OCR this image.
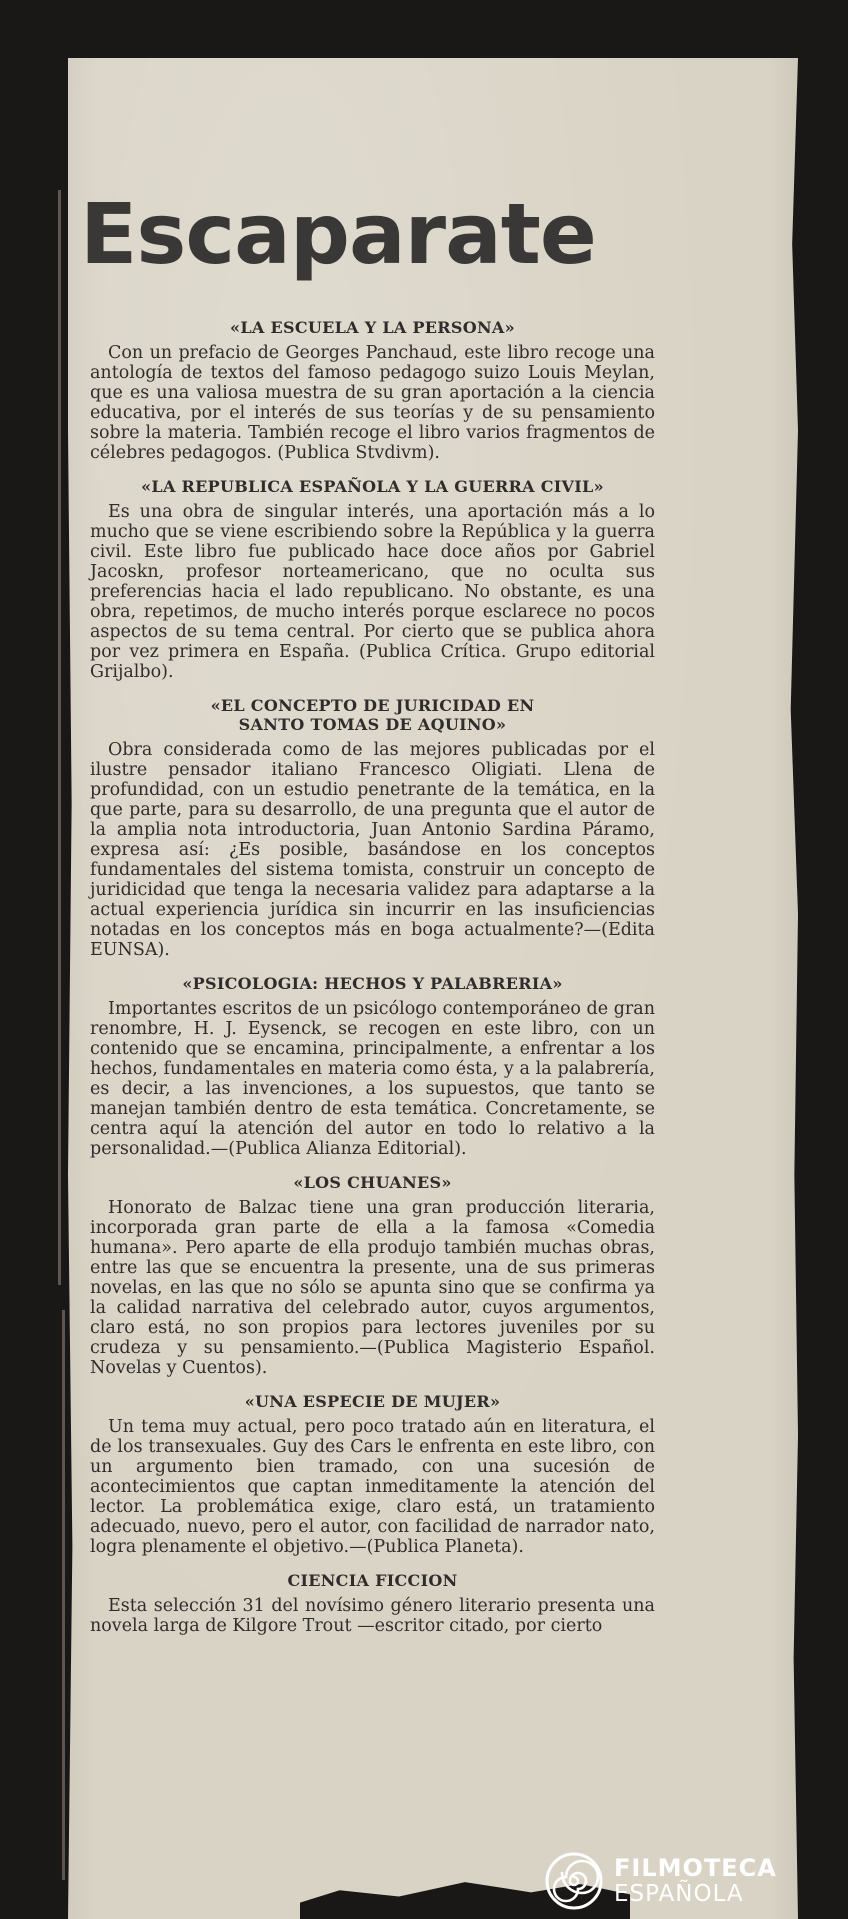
Escaparate
«LA ESCUELA Y LA PERSONA»

Con un prefacio de Georges Panchaud, este libro recoge una antología de textos del famoso pedagogo suizo Louis Meylan, que es una valiosa muestra de su gran aportación a la ciencia educativa, por el interés de sus teorías y de su pensamiento sobre la materia. También recoge el libro varios fragmentos de célebres pedagogos. (Publica Stvdivm).

«LA REPUBLICA ESPAÑOLA Y LA GUERRA CIVIL»

Es una obra de singular interés, una aportación más a lo mucho que se viene escribiendo sobre la República y la guerra civil. Este libro fue publicado hace doce años por Gabriel Jacoskn, profesor norteamericano, que no oculta sus preferencias hacia el lado republicano. No obstante, es una obra, repetimos, de mucho interés porque esclarece no pocos aspectos de su tema central. Por cierto que se publica ahora por vez primera en España. (Publica Crítica. Grupo editorial Grijalbo).

«EL CONCEPTO DE JURICIDAD EN SANTO TOMAS DE AQUINO»

Obra considerada como de las mejores publicadas por el ilustre pensador italiano Francesco Oligiati. Llena de profundidad, con un estudio penetrante de la temática, en la que parte, para su desarrollo, de una pregunta que el autor de la amplia nota introductoria, Juan Antonio Sardina Páramo, expresa así: ¿Es posible, basándose en los conceptos fundamentales del sistema tomista, construir un concepto de juridicidad que tenga la necesaria validez para adaptarse a la actual experiencia jurídica sin incurrir en las insuficiencias notadas en los conceptos más en boga actualmente?—(Edita EUNSA).

«PSICOLOGIA: HECHOS Y PALABRERIA»

Importantes escritos de un psicólogo contemporáneo de gran renombre, H. J. Eysenck, se recogen en este libro, con un contenido que se encamina, principalmente, a enfrentar a los hechos, fundamentales en materia como ésta, y a la palabrería, es decir, a las invenciones, a los supuestos, que tanto se manejan también dentro de esta temática. Concretamente, se centra aquí la atención del autor en todo lo relativo a la personalidad.—(Publica Alianza Editorial).

«LOS CHUANES»

Honorato de Balzac tiene una gran producción literaria, incorporada gran parte de ella a la famosa «Comedia humana». Pero aparte de ella produjo también muchas obras, entre las que se encuentra la presente, una de sus primeras novelas, en las que no sólo se apunta sino que se confirma ya la calidad narrativa del celebrado autor, cuyos argumentos, claro está, no son propios para lectores juveniles por su crudeza y su pensamiento.—(Publica Magisterio Español. Novelas y Cuentos).

«UNA ESPECIE DE MUJER»

Un tema muy actual, pero poco tratado aún en literatura, el de los transexuales. Guy des Cars le enfrenta en este libro, con un argumento bien tramado, con una sucesión de acontecimientos que captan inmeditamente la atención del lector. La problemática exige, claro está, un tratamiento adecuado, nuevo, pero el autor, con facilidad de narrador nato, logra plenamente el objetivo.—(Publica Planeta).

CIENCIA FICCION

Esta selección 31 del novísimo género literario presenta una novela larga de Kilgore Trout —escritor citado, por cierto

FILMOTECA
ESPAÑOLA
